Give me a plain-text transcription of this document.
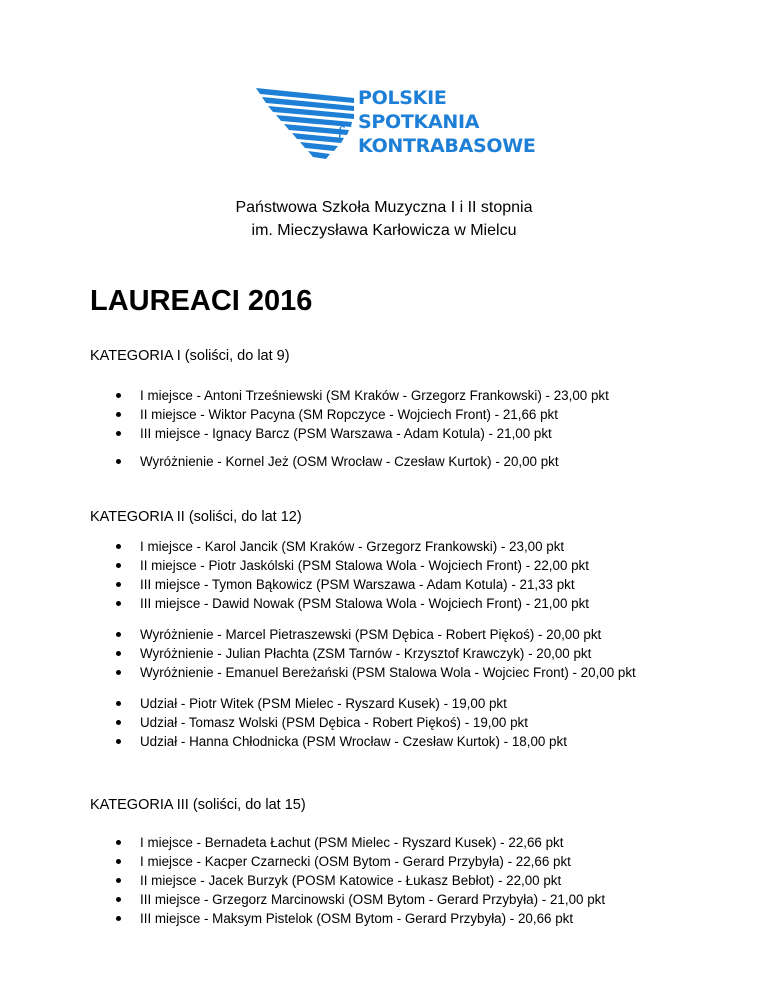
ʃ
POLSKIE
SPOTKANIA
KONTRABASOWE
Państwowa Szkoła Muzyczna I i II stopnia
im. Mieczysława Karłowicza w Mielcu
LAUREACI 2016
KATEGORIA I (soliści, do lat 9)
I miejsce - Antoni Trześniewski (SM Kraków - Grzegorz Frankowski) - 23,00 pkt
II miejsce - Wiktor Pacyna (SM Ropczyce - Wojciech Front) - 21,66 pkt
III miejsce - Ignacy Barcz (PSM Warszawa - Adam Kotula) - 21,00 pkt
Wyróżnienie - Kornel Jeż (OSM Wrocław - Czesław Kurtok) - 20,00 pkt
KATEGORIA II (soliści, do lat 12)
I miejsce - Karol Jancik (SM Kraków - Grzegorz Frankowski) - 23,00 pkt
II miejsce - Piotr Jaskólski (PSM Stalowa Wola - Wojciech Front) - 22,00 pkt
III miejsce - Tymon Bąkowicz (PSM Warszawa - Adam Kotula) - 21,33 pkt
III miejsce - Dawid Nowak (PSM Stalowa Wola - Wojciech Front) - 21,00 pkt
Wyróżnienie - Marcel Pietraszewski (PSM Dębica - Robert Piękoś) - 20,00 pkt
Wyróżnienie - Julian Płachta (ZSM Tarnów - Krzysztof Krawczyk) - 20,00 pkt
Wyróżnienie - Emanuel Bereżański (PSM Stalowa Wola - Wojciec Front) - 20,00 pkt
Udział - Piotr Witek (PSM Mielec - Ryszard Kusek) - 19,00 pkt
Udział - Tomasz Wolski (PSM Dębica - Robert Piękoś) - 19,00 pkt
Udział - Hanna Chłodnicka (PSM Wrocław - Czesław Kurtok) - 18,00 pkt
KATEGORIA III (soliści, do lat 15)
I miejsce - Bernadeta Łachut (PSM Mielec - Ryszard Kusek) - 22,66 pkt
I miejsce - Kacper Czarnecki (OSM Bytom - Gerard Przybyła) - 22,66 pkt
II miejsce - Jacek Burzyk (POSM Katowice - Łukasz Bebłot) - 22,00 pkt
III miejsce - Grzegorz Marcinowski (OSM Bytom - Gerard Przybyła) - 21,00 pkt
III miejsce - Maksym Pistelok (OSM Bytom - Gerard Przybyła) - 20,66 pkt
